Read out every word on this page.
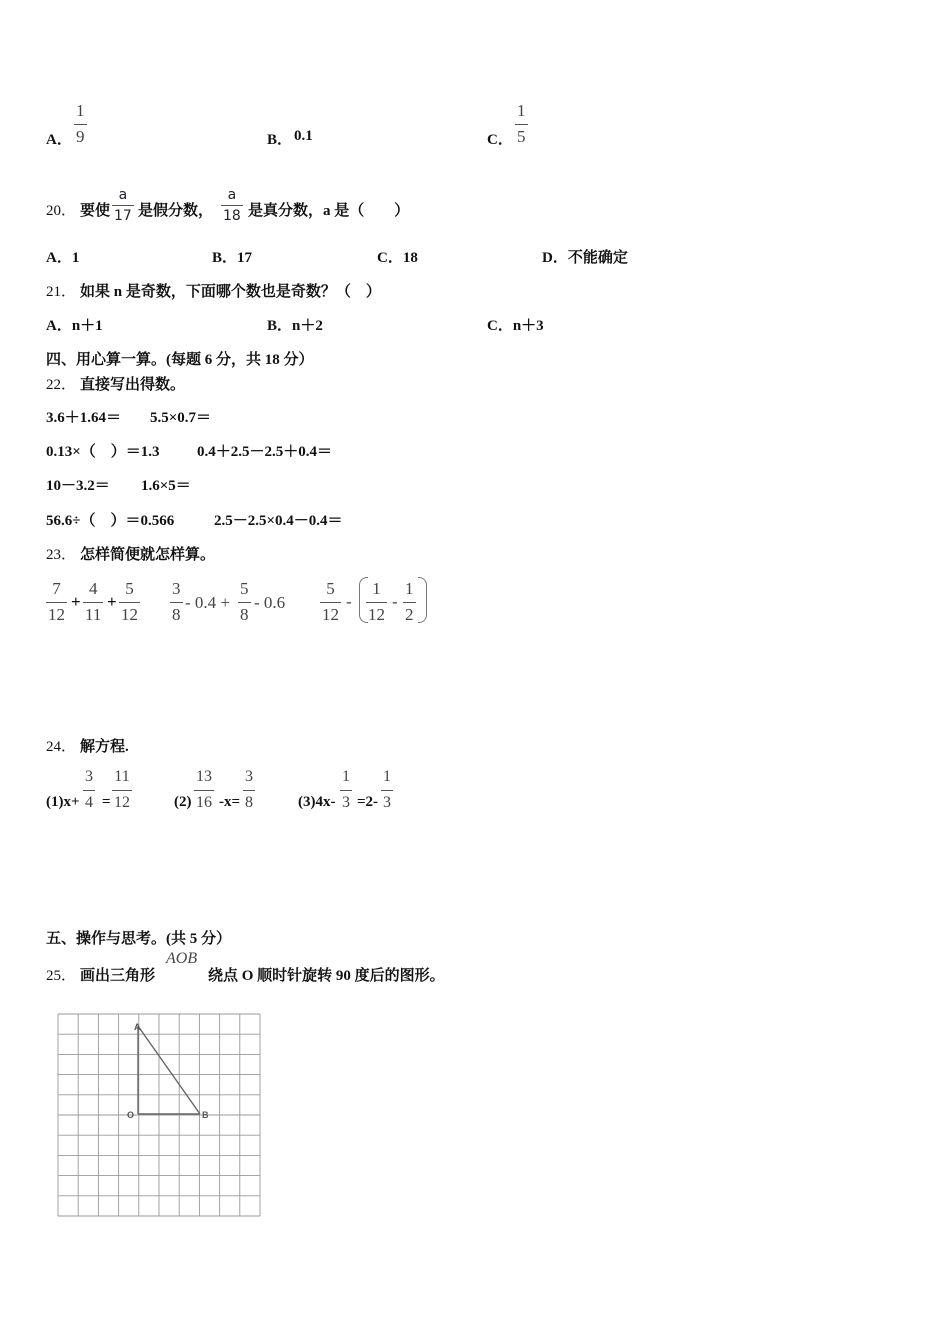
A．
1
9	B． 0.1	C．
1
5
20． 要使
a
17 是假分数，
a
18 是真分数，a 是（　　）
A．1	B．17	C．18	D．不能确定
21． 如果 n 是奇数，下面哪个数也是奇数？（　）
A．n＋1	B．n＋2	C．n＋3
四、用心算一算。(每题 6 分，共 18 分）
22． 直接写出得数。
3.6＋1.64＝ 5.5×0.7＝
0.13×（　）＝1.3 0.4＋2.5－2.5＋0.4＝
10－3.2＝ 1.6×5＝
56.6÷（　）＝0.566	2.5－2.5×0.4－0.4＝
23． 怎样简便就怎样算。
7
12
+
4
11
+
5
12
3
8
- 0.4 +
5
8
- 0.6
5
12
-
1
12
-
1
2
24． 解方程.
(1)x+
3
4 =
11
12	(2)
13
16 -x=
3
8	(3)4x-
1
3 =2-
1
3
五、操作与思考。(共 5 分）
25． 画出三角形
AOB
绕点 O 顺时针旋转 90 度后的图形。
A
O	B
